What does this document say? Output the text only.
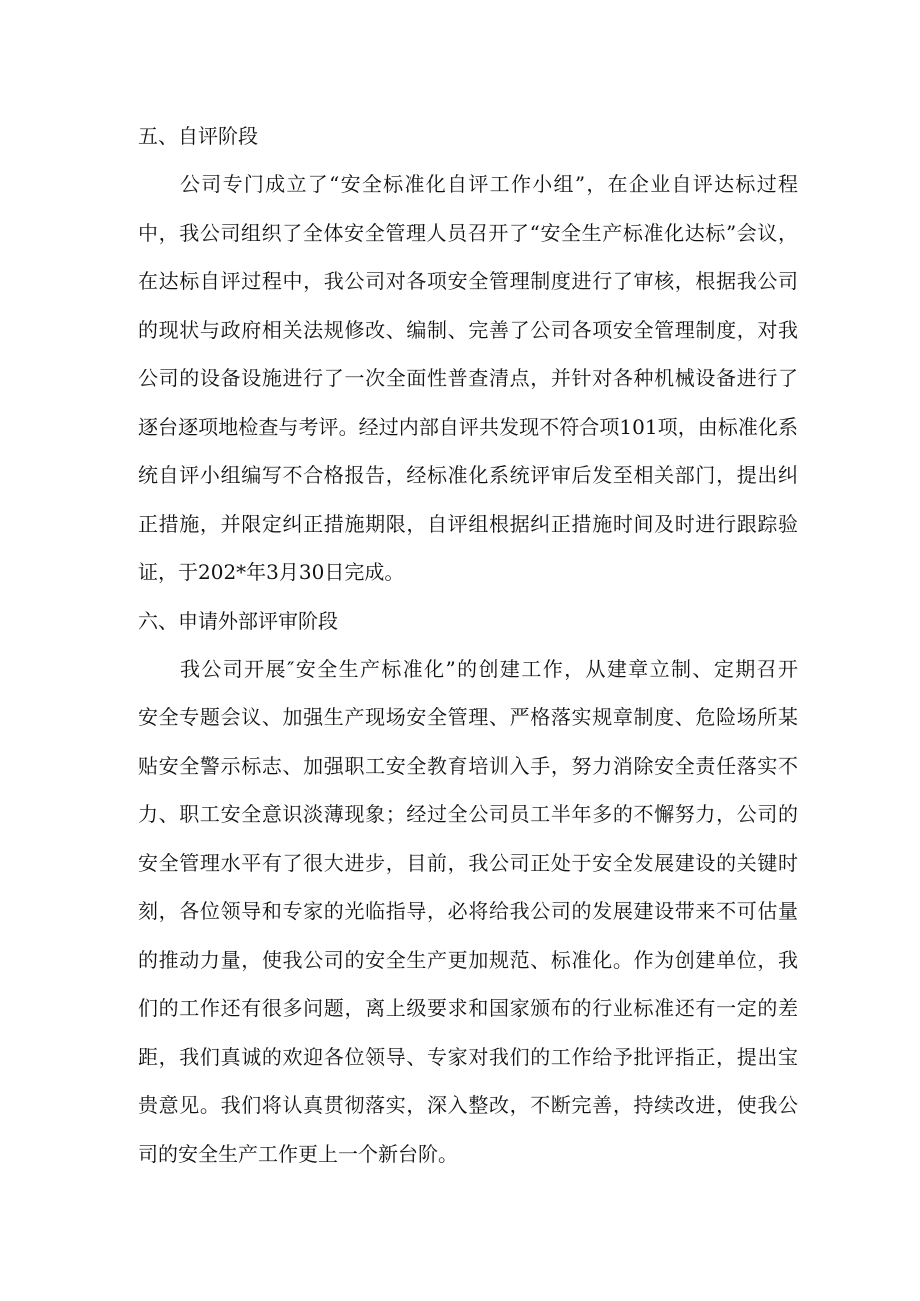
五、自评阶段
公司专门成立了“安全标准化自评工作小组”，在企业自评达标过程
中，我公司组织了全体安全管理人员召开了“安全生产标准化达标”会议，
在达标自评过程中，我公司对各项安全管理制度进行了审核，根据我公司
的现状与政府相关法规修改、编制、完善了公司各项安全管理制度，对我
公司的设备设施进行了一次全面性普查清点，并针对各种机械设备进行了
逐台逐项地检查与考评。经过内部自评共发现不符合项101项，由标准化系
统自评小组编写不合格报告，经标准化系统评审后发至相关部门，提出纠
正措施，并限定纠正措施期限，自评组根据纠正措施时间及时进行跟踪验
证，于202*年3月30日完成。
六、申请外部评审阶段
我公司开展″安全生产标准化”的创建工作，从建章立制、定期召开
安全专题会议、加强生产现场安全管理、严格落实规章制度、危险场所某
贴安全警示标志、加强职工安全教育培训入手，努力消除安全责任落实不
力、职工安全意识淡薄现象；经过全公司员工半年多的不懈努力，公司的
安全管理水平有了很大进步，目前，我公司正处于安全发展建设的关键时
刻，各位领导和专家的光临指导，必将给我公司的发展建设带来不可估量
的推动力量，使我公司的安全生产更加规范、标准化。作为创建单位，我
们的工作还有很多问题，离上级要求和国家颁布的行业标准还有一定的差
距，我们真诚的欢迎各位领导、专家对我们的工作给予批评指正，提出宝
贵意见。我们将认真贯彻落实，深入整改，不断完善，持续改进，使我公
司的安全生产工作更上一个新台阶。
